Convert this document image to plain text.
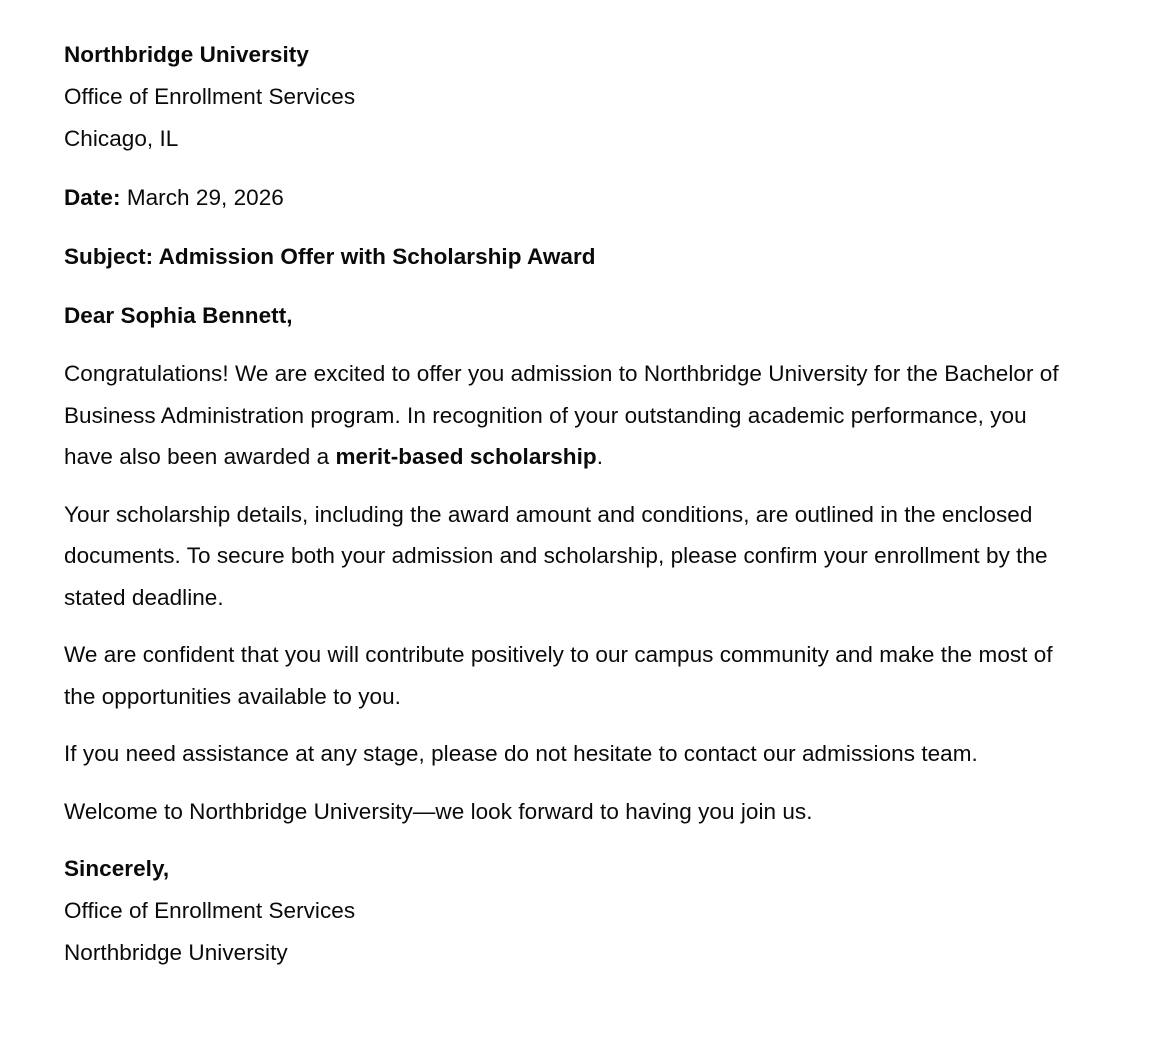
Northbridge University

Office of Enrollment Services

Chicago, IL

Date: March 29, 2026

Subject: Admission Offer with Scholarship Award

Dear Sophia Bennett,

Congratulations! We are excited to offer you admission to Northbridge University for the Bachelor of Business Administration program. In recognition of your outstanding academic performance, you have also been awarded a merit-based scholarship.

Your scholarship details, including the award amount and conditions, are outlined in the enclosed documents. To secure both your admission and scholarship, please confirm your enrollment by the stated deadline.

We are confident that you will contribute positively to our campus community and make the most of the opportunities available to you.

If you need assistance at any stage, please do not hesitate to contact our admissions team.

Welcome to Northbridge University—we look forward to having you join us.

Sincerely,

Office of Enrollment Services

Northbridge University
